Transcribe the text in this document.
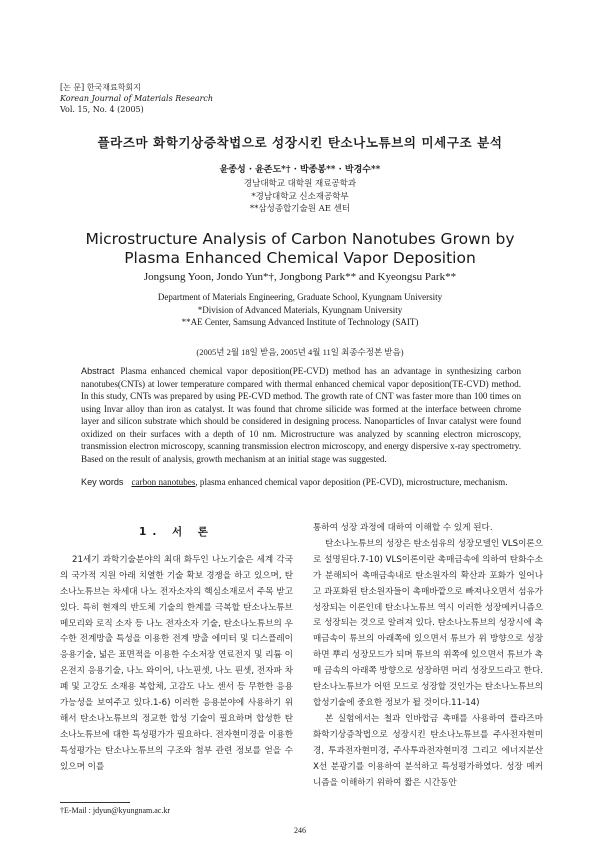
[논 문] 한국재료학회지
Korean Journal of Materials Research
Vol. 15, No. 4 (2005)
플라즈마 화학기상증착법으로 성장시킨 탄소나노튜브의 미세구조 분석
윤종성 · 윤존도*† · 박종봉** · 박경수**
경남대학교 대학원 재료공학과
*경남대학교 신소재공학부
**삼성종합기술원 AE 센터
Microstructure Analysis of Carbon Nanotubes Grown by
Plasma Enhanced Chemical Vapor Deposition
Jongsung Yoon, Jondo Yun*†, Jongbong Park** and Kyeongsu Park**
Department of Materials Engineering, Graduate School, Kyungnam University
*Division of Advanced Materials, Kyungnam University
**AE Center, Samsung Advanced Institute of Technology (SAIT)
(2005년 2월 18일 받음, 2005년 4월 11일 최종수정본 받음)
Abstract Plasma enhanced chemical vapor deposition(PE-CVD) method has an advantage in synthesizing carbon nanotubes(CNTs) at lower temperature compared with thermal enhanced chemical vapor deposition(TE-CVD) method. In this study, CNTs was prepared by using PE-CVD method. The growth rate of CNT was faster more than 100 times on using Invar alloy than iron as catalyst. It was found that chrome silicide was formed at the interface between chrome layer and silicon substrate which should be considered in designing process. Nanoparticles of Invar catalyst were found oxidized on their surfaces with a depth of 10 nm. Microstructure was analyzed by scanning electron microscopy, transmission electron microscopy, scanning transmission electron microscopy, and energy dispersive x-ray spectrometry. Based on the result of analysis, growth mechanism at an initial stage was suggested.
Key words carbon nanotubes, plasma enhanced chemical vapor deposition (PE-CVD), microstructure, mechanism.
1. 서 론

21세기 과학기술분야의 최대 화두인 나노기술은 세계 각국의 국가적 지원 아래 치열한 기술 확보 경쟁을 하고 있으며, 탄소나노튜브는 차세대 나노 전자소자의 핵심소재로서 주목 받고 있다. 특히 현재의 반도체 기술의 한계를 극복할 탄소나노튜브 메모리와 로직 소자 등 나노 전자소자 기술, 탄소나노튜브의 우수한 전계방출 특성을 이용한 전계 방출 에미터 및 디스플레이 응용기술, 넓은 표면적을 이용한 수소저장 연료전지 및 리튬 이온전지 응용기술, 나노 와이어, 나노핀셋, 나노 핀셋, 전자파 차폐 및 고강도 소재용 복합체, 고감도 나노 센서 등 무한한 응용 가능성을 보여주고 있다.1-6) 이러한 응용분야에 사용하기 위해서 탄소나노튜브의 정교한 합성 기술이 필요하며 합성한 탄소나노튜브에 대한 특성평가가 필요하다. 전자현미경을 이용한 특성평가는 탄소나노튜브의 구조와 첨부 관련 정보를 얻을 수 있으며 이를

통하여 성장 과정에 대하여 이해할 수 있게 된다.

탄소나노튜브의 성장은 탄소섬유의 성장모델인 VLS이론으로 설명된다.7-10) VLS이론이란 촉매금속에 의하여 탄화수소가 분해되어 촉매금속내로 탄소원자의 확산과 포화가 일어나고 과포화된 탄소원자들이 촉매바깥으로 빠져나오면서 섬유가 성장되는 이론인데 탄소나노튜브 역시 이러한 성장메커니즘으로 성장되는 것으로 알려져 있다. 탄소나노튜브의 성장시에 촉매금속이 튜브의 아래쪽에 있으면서 튜브가 위 방향으로 성장하면 뿌리 성장모드가 되며 튜브의 위쪽에 있으면서 튜브가 촉매 금속의 아래쪽 방향으로 성장하면 머리 성장모드라고 한다. 탄소나노튜브가 어떤 모드로 성장할 것인가는 탄소나노튜브의 합성기술에 중요한 정보가 될 것이다.11-14)

본 실험에서는 철과 인바합금 촉매를 사용하여 플라즈마 화학기상증착법으로 성장시킨 탄소나노튜브를 주사전자현미경, 투과전자현미경, 주사투과전자현미경 그리고 에너지분산 X선 분광기를 이용하여 분석하고 특성평가하였다. 성장 메커니즘을 이해하기 위하여 짧은 시간동안

†E-Mail : jdyun@kyungnam.ac.kr
246
